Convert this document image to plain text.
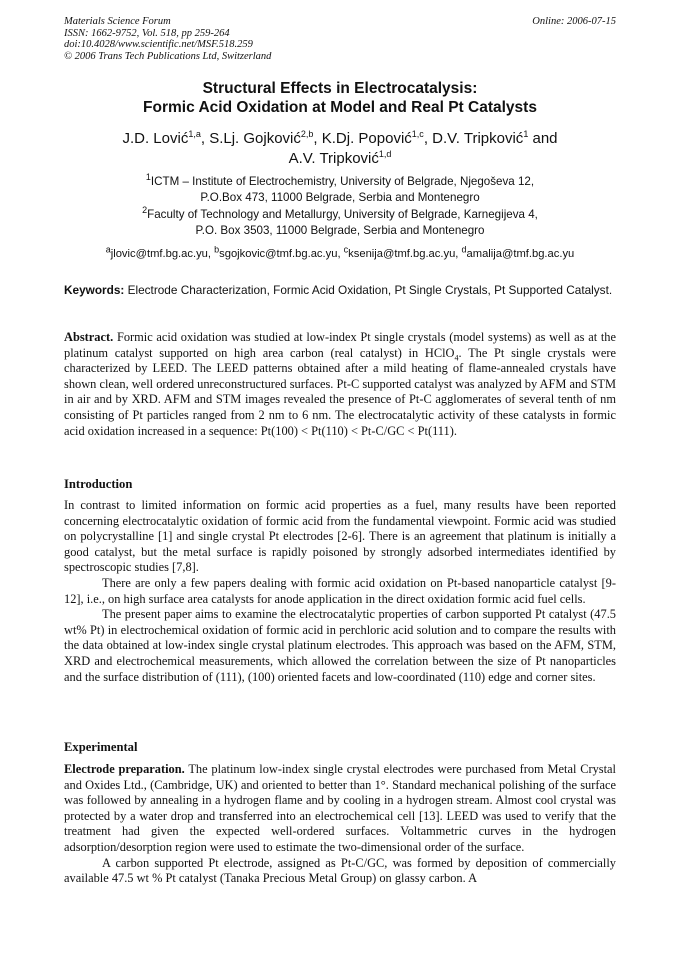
Materials Science Forum
ISSN: 1662-9752, Vol. 518, pp 259-264
doi:10.4028/www.scientific.net/MSF.518.259
© 2006 Trans Tech Publications Ltd, Switzerland
Online: 2006-07-15
Structural Effects in Electrocatalysis:
Formic Acid Oxidation at Model and Real Pt Catalysts
J.D. Lović$^{1,a}$, S.Lj. Gojković$^{2,b}$, K.Dj. Popović$^{1,c}$, D.V. Tripković$^1$ and
A.V. Tripković$^{1,d}$
$^1$ICTM – Institute of Electrochemistry, University of Belgrade, Njegoševa 12,
P.O.Box 473, 11000 Belgrade, Serbia and Montenegro
$^2$Faculty of Technology and Metallurgy, University of Belgrade, Karnegijeva 4,
P.O. Box 3503, 11000 Belgrade, Serbia and Montenegro
$^a$jlovic@tmf.bg.ac.yu, $^b$sgojkovic@tmf.bg.ac.yu, $^c$ksenija@tmf.bg.ac.yu, $^d$amalija@tmf.bg.ac.yu
Keywords: Electrode Characterization, Formic Acid Oxidation, Pt Single Crystals, Pt Supported Catalyst.
Abstract. Formic acid oxidation was studied at low-index Pt single crystals (model systems) as well as at the platinum catalyst supported on high area carbon (real catalyst) in HClO$_4$. The Pt single crystals were characterized by LEED. The LEED patterns obtained after a mild heating of flame-annealed crystals have shown clean, well ordered unreconstructured surfaces. Pt-C supported catalyst was analyzed by AFM and STM in air and by XRD. AFM and STM images revealed the presence of Pt-C agglomerates of several tenth of nm consisting of Pt particles ranged from 2 nm to 6 nm. The electrocatalytic activity of these catalysts in formic acid oxidation increased in a sequence: Pt(100) < Pt(110) < Pt-C/GC < Pt(111).
Introduction

In contrast to limited information on formic acid properties as a fuel, many results have been reported concerning electrocatalytic oxidation of formic acid from the fundamental viewpoint. Formic acid was studied on polycrystalline [1] and single crystal Pt electrodes [2-6]. There is an agreement that platinum is initially a good catalyst, but the metal surface is rapidly poisoned by strongly adsorbed intermediates identified by spectroscopic studies [7,8].

There are only a few papers dealing with formic acid oxidation on Pt-based nanoparticle catalyst [9-12], i.e., on high surface area catalysts for anode application in the direct oxidation formic acid fuel cells.

The present paper aims to examine the electrocatalytic properties of carbon supported Pt catalyst (47.5 wt% Pt) in electrochemical oxidation of formic acid in perchloric acid solution and to compare the results with the data obtained at low-index single crystal platinum electrodes. This approach was based on the AFM, STM, XRD and electrochemical measurements, which allowed the correlation between the size of Pt nanoparticles and the surface distribution of (111), (100) oriented facets and low-coordinated (110) edge and corner sites.

Experimental

Electrode preparation. The platinum low-index single crystal electrodes were purchased from Metal Crystal and Oxides Ltd., (Cambridge, UK) and oriented to better than 1°. Standard mechanical polishing of the surface was followed by annealing in a hydrogen flame and by cooling in a hydrogen stream. Almost cool crystal was protected by a water drop and transferred into an electrochemical cell [13]. LEED was used to verify that the treatment had given the expected well-ordered surfaces. Voltammetric curves in the hydrogen adsorption/desorption region were used to estimate the two-dimensional order of the surface.

A carbon supported Pt electrode, assigned as Pt-C/GC, was formed by deposition of commercially available 47.5 wt % Pt catalyst (Tanaka Precious Metal Group) on glassy carbon. A
